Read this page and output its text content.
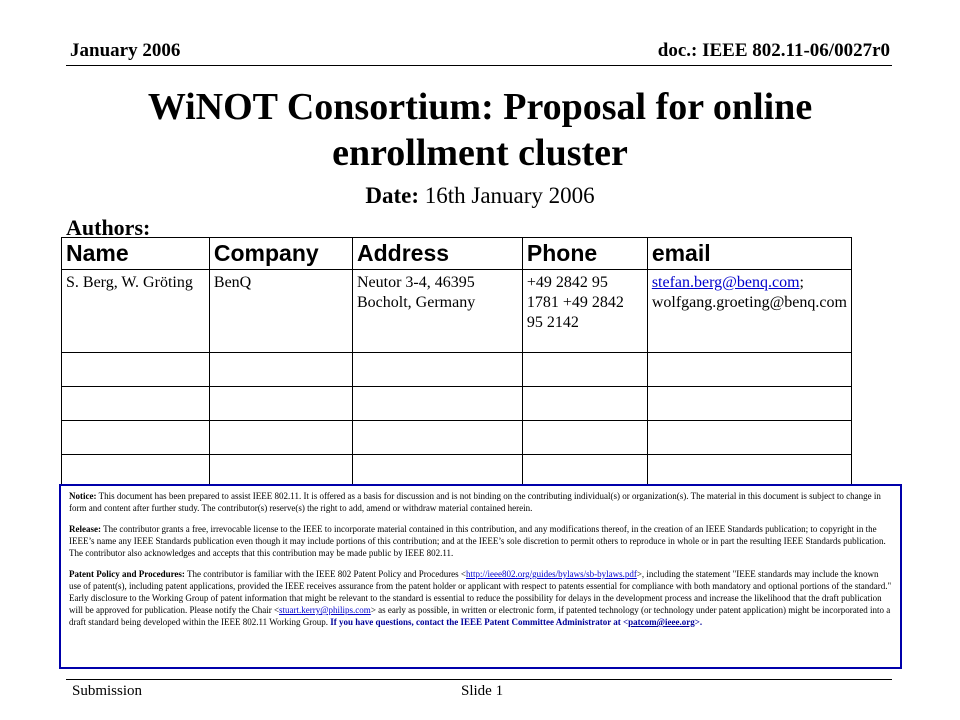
January 2006	doc.: IEEE 802.11-06/0027r0
WiNOT Consortium: Proposal for online enrollment cluster
Date: 16th January 2006
Authors:
Name	Company	Address	Phone	email
S. Berg, W. Gröting	BenQ	Neutor 3-4, 46395 Bocholt, Germany	+49 2842 95 1781 +49 2842 95 2142	stefan.berg@benq.com; wolfgang.groeting@benq.com

Notice: This document has been prepared to assist IEEE 802.11. It is offered as a basis for discussion and is not binding on the contributing individual(s) or organization(s). The material in this document is subject to change in form and content after further study. The contributor(s) reserve(s) the right to add, amend or withdraw material contained herein.

Release: The contributor grants a free, irrevocable license to the IEEE to incorporate material contained in this contribution, and any modifications thereof, in the creation of an IEEE Standards publication; to copyright in the IEEE’s name any IEEE Standards publication even though it may include portions of this contribution; and at the IEEE’s sole discretion to permit others to reproduce in whole or in part the resulting IEEE Standards publication. The contributor also acknowledges and accepts that this contribution may be made public by IEEE 802.11.

Patent Policy and Procedures: The contributor is familiar with the IEEE 802 Patent Policy and Procedures <http://ieee802.org/guides/bylaws/sb-bylaws.pdf>, including the statement "IEEE standards may include the known use of patent(s), including patent applications, provided the IEEE receives assurance from the patent holder or applicant with respect to patents essential for compliance with both mandatory and optional portions of the standard." Early disclosure to the Working Group of patent information that might be relevant to the standard is essential to reduce the possibility for delays in the development process and increase the likelihood that the draft publication will be approved for publication. Please notify the Chair <stuart.kerry@philips.com> as early as possible, in written or electronic form, if patented technology (or technology under patent application) might be incorporated into a draft standard being developed within the IEEE 802.11 Working Group. If you have questions, contact the IEEE Patent Committee Administrator at <patcom@ieee.org>.

Submission	Slide 1
